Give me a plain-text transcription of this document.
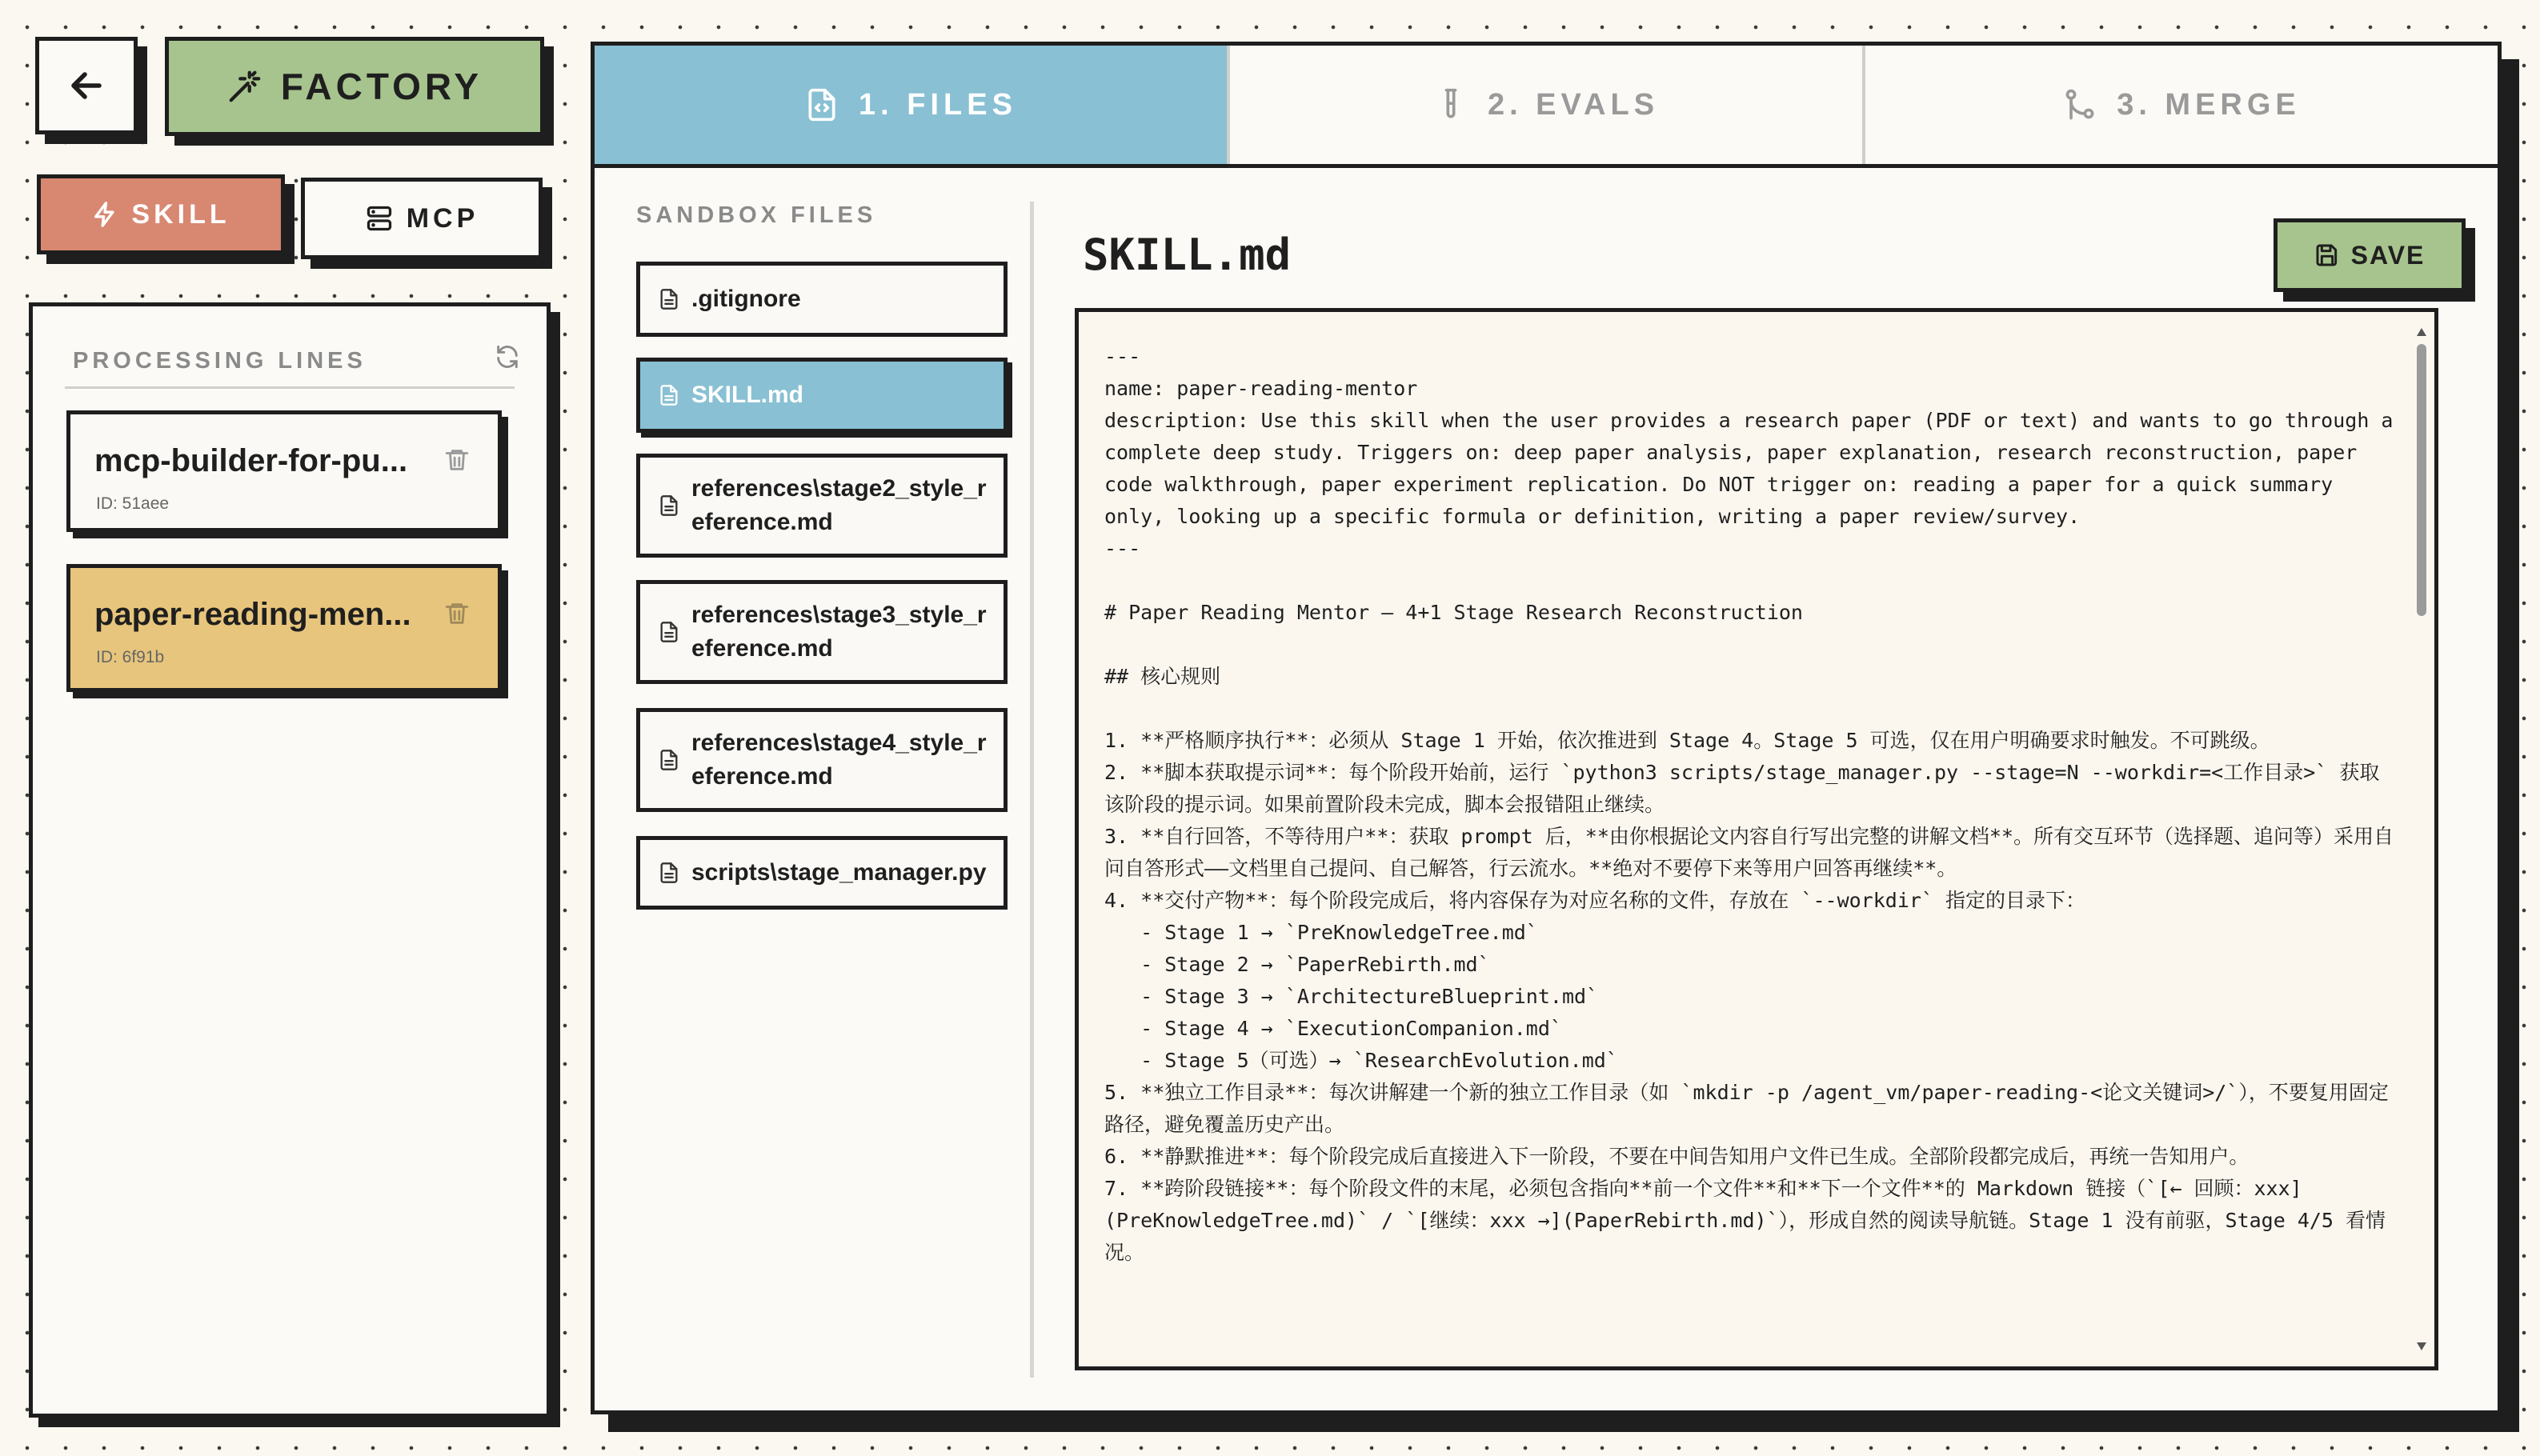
FACTORY
SKILL	MCP
PROCESSING LINES
mcp-builder-for-pu...
ID: 51aee
paper-reading-men...
ID: 6f91b
1. FILES	2. EVALS	3. MERGE
SANDBOX FILES
.gitignore
SKILL.md
references\stage2_style_reference.md
references\stage3_style_reference.md
references\stage4_style_reference.md
scripts\stage_manager.py
SKILL.md	SAVE
---
name: paper-reading-mentor
description: Use this skill when the user provides a research paper (PDF or text) and wants to go through a complete deep study. Triggers on: deep paper analysis, paper explanation, research reconstruction, paper code walkthrough, paper experiment replication. Do NOT trigger on: reading a paper for a quick summary only, looking up a specific formula or definition, writing a paper review/survey.
---

# Paper Reading Mentor — 4+1 Stage Research Reconstruction

## 核心规则

1. **严格顺序执行**：必须从 Stage 1 开始，依次推进到 Stage 4。Stage 5 可选，仅在用户明确要求时触发。不可跳级。
2. **脚本获取提示词**：每个阶段开始前，运行 `python3 scripts/stage_manager.py --stage=N --workdir=<工作目录>` 获取该阶段的提示词。如果前置阶段未完成，脚本会报错阻止继续。
3. **自行回答，不等待用户**：获取 prompt 后，**由你根据论文内容自行写出完整的讲解文档**。所有交互环节（选择题、追问等）采用自问自答形式——文档里自己提问、自己解答，行云流水。**绝对不要停下来等用户回答再继续**。
4. **交付产物**：每个阶段完成后，将内容保存为对应名称的文件，存放在 `--workdir` 指定的目录下：
- Stage 1 → `PreKnowledgeTree.md`
- Stage 2 → `PaperRebirth.md`
- Stage 3 → `ArchitectureBlueprint.md`
- Stage 4 → `ExecutionCompanion.md`
- Stage 5（可选）→ `ResearchEvolution.md`
5. **独立工作目录**：每次讲解建一个新的独立工作目录（如 `mkdir -p /agent_vm/paper-reading-<论文关键词>/`），不要复用固定路径，避免覆盖历史产出。
6. **静默推进**：每个阶段完成后直接进入下一阶段，不要在中间告知用户文件已生成。全部阶段都完成后，再统一告知用户。
7. **跨阶段链接**：每个阶段文件的末尾，必须包含指向**前一个文件**和**下一个文件**的 Markdown 链接（`[← 回顾：xxx](PreKnowledgeTree.md)` / `[继续：xxx →](PaperRebirth.md)`），形成自然的阅读导航链。Stage 1 没有前驱，Stage 4/5 看情况。
